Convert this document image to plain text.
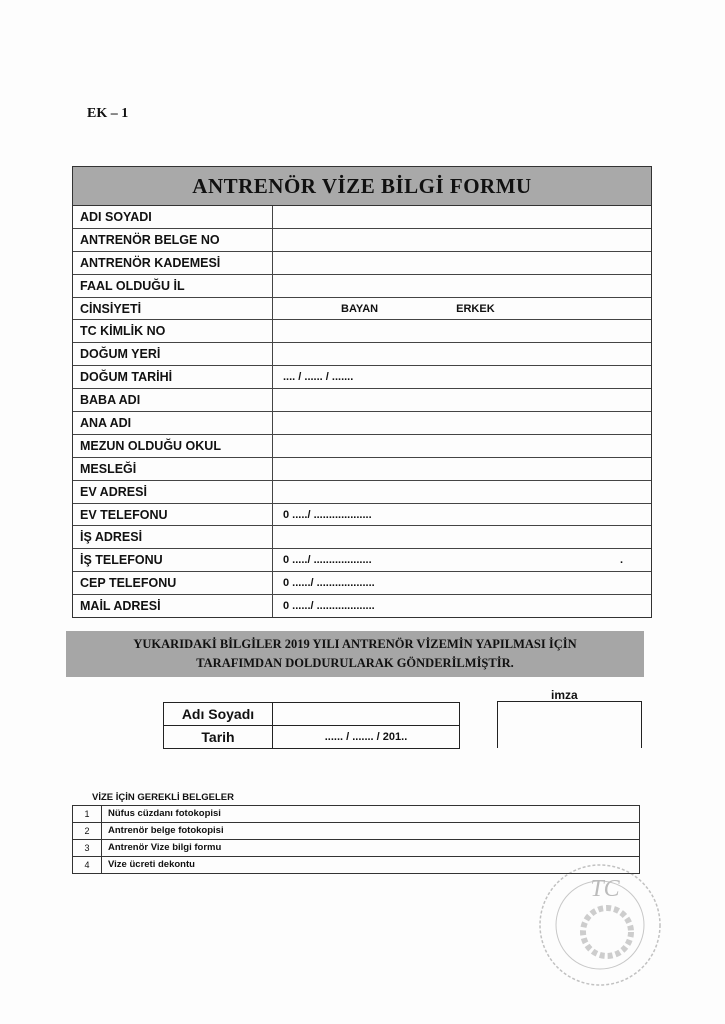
EK – 1
ANTRENÖR VİZE BİLGİ FORMU
ADI SOYADI
ANTRENÖR BELGE NO
ANTRENÖR KADEMESİ
FAAL OLDUĞU İL
CİNSİYETİ	BAYAN	ERKEK
TC KİMLİK NO
DOĞUM YERİ
DOĞUM TARİHİ	.... / ...... / .......
BABA ADI
ANA ADI
MEZUN OLDUĞU OKUL
MESLEĞİ
EV ADRESİ
EV TELEFONU	0 ...../ ...................
İŞ ADRESİ
İŞ TELEFONU	0 ...../ ...................	.
CEP TELEFONU	0 ....../ ...................
MAİL ADRESİ	0 ....../ ...................
YUKARIDAKİ BİLGİLER 2019 YILI ANTRENÖR VİZEMİN YAPILMASI İÇİN
TARAFIMDAN DOLDURULARAK GÖNDERİLMİŞTİR.
imza
Adı Soyadı
Tarih	...... / ....... / 201..
VİZE İÇİN GEREKLİ BELGELER
1	Nüfus cüzdanı fotokopisi
2	Antrenör belge fotokopisi
3	Antrenör Vize bilgi formu
4	Vize ücreti dekontu
TC
